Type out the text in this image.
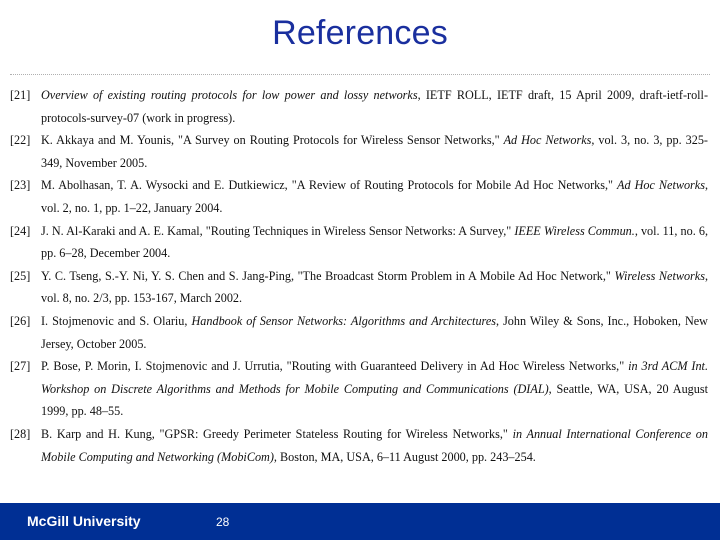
References
[21] Overview of existing routing protocols for low power and lossy networks, IETF ROLL, IETF draft, 15 April 2009, draft-ietf-roll-protocols-survey-07 (work in progress).
[22] K. Akkaya and M. Younis, "A Survey on Routing Protocols for Wireless Sensor Networks," Ad Hoc Networks, vol. 3, no. 3, pp. 325-349, November 2005.
[23] M. Abolhasan, T. A. Wysocki and E. Dutkiewicz, "A Review of Routing Protocols for Mobile Ad Hoc Networks," Ad Hoc Networks, vol. 2, no. 1, pp. 1–22, January 2004.
[24] J. N. Al-Karaki and A. E. Kamal, "Routing Techniques in Wireless Sensor Networks: A Survey," IEEE Wireless Commun., vol. 11, no. 6, pp. 6–28, December 2004.
[25] Y. C. Tseng, S.-Y. Ni, Y. S. Chen and S. Jang-Ping, "The Broadcast Storm Problem in A Mobile Ad Hoc Network," Wireless Networks, vol. 8, no. 2/3, pp. 153-167, March 2002.
[26] I. Stojmenovic and S. Olariu, Handbook of Sensor Networks: Algorithms and Architectures, John Wiley & Sons, Inc., Hoboken, New Jersey, October 2005.
[27] P. Bose, P. Morin, I. Stojmenovic and J. Urrutia, "Routing with Guaranteed Delivery in Ad Hoc Wireless Networks," in 3rd ACM Int. Workshop on Discrete Algorithms and Methods for Mobile Computing and Communications (DIAL), Seattle, WA, USA, 20 August 1999, pp. 48–55.
[28] B. Karp and H. Kung, "GPSR: Greedy Perimeter Stateless Routing for Wireless Networks," in Annual International Conference on Mobile Computing and Networking (MobiCom), Boston, MA, USA, 6–11 August 2000, pp. 243–254.
McGill University	28
